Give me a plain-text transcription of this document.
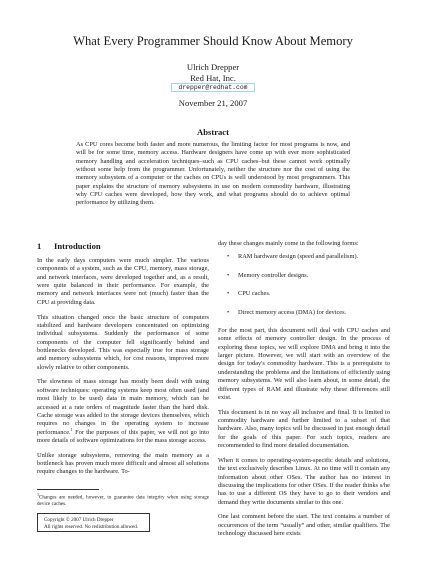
What Every Programmer Should Know About Memory
Ulrich Drepper
Red Hat, Inc.
drepper@redhat.com
November 21, 2007
Abstract
As CPU cores become both faster and more numerous, the limiting factor for most programs is now, and will be for some time, memory access. Hardware designers have come up with ever more sophisticated memory handling and acceleration techniques–such as CPU caches–but these cannot work optimally without some help from the programmer. Unfortunately, neither the structure nor the cost of using the memory subsystem of a computer or the caches on CPUs is well understood by most programmers. This paper explains the structure of memory subsystems in use on modern commodity hardware, illustrating why CPU caches were developed, how they work, and what programs should do to achieve optimal performance by utilizing them.
1 Introduction

In the early days computers were much simpler. The various components of a system, such as the CPU, memory, mass storage, and network interfaces, were developed together and, as a result, were quite balanced in their performance. For example, the memory and network interfaces were not (much) faster than the CPU at providing data.

This situation changed once the basic structure of computers stabilized and hardware developers concentrated on optimizing individual subsystems. Suddenly the performance of some components of the computer fell significantly behind and bottlenecks developed. This was especially true for mass storage and memory subsystems which, for cost reasons, improved more slowly relative to other components.

The slowness of mass storage has mostly been dealt with using software techniques: operating systems keep most often used (and most likely to be used) data in main memory, which can be accessed at a rate orders of magnitude faster than the hard disk. Cache storage was added to the storage devices themselves, which requires no changes in the operating system to increase performance.$^1$ For the purposes of this paper, we will not go into more details of software optimizations for the mass storage access.

Unlike storage subsystems, removing the main memory as a bottleneck has proven much more difficult and almost all solutions require changes to the hardware. To-

$^1$Changes are needed, however, to guarantee data integrity when using storage device caches.
Copyright © 2007 Ulrich Drepper
All rights reserved. No redistribution allowed.

day these changes mainly come in the following forms:

• RAM hardware design (speed and parallelism).
• Memory controller designs.
• CPU caches.
• Direct memory access (DMA) for devices.

For the most part, this document will deal with CPU caches and some effects of memory controller design. In the process of exploring these topics, we will explore DMA and bring it into the larger picture. However, we will start with an overview of the design for today's commodity hardware. This is a prerequisite to understanding the problems and the limitations of efficiently using memory subsystems. We will also learn about, in some detail, the different types of RAM and illustrate why these differences still exist.

This document is in no way all inclusive and final. It is limited to commodity hardware and further limited to a subset of that hardware. Also, many topics will be discussed in just enough detail for the goals of this paper. For such topics, readers are recommended to find more detailed documentation.

When it comes to operating-system-specific details and solutions, the text exclusively describes Linux. At no time will it contain any information about other OSes. The author has no interest in discussing the implications for other OSes. If the reader thinks s/he has to use a different OS they have to go to their vendors and demand they write documents similar to this one.

One last comment before the start. The text contains a number of occurrences of the term “usually” and other, similar qualifiers. The technology discussed here exists
